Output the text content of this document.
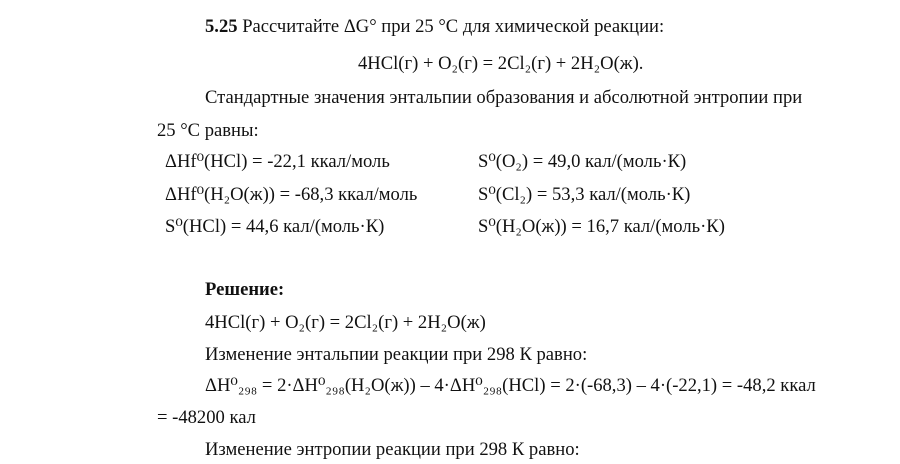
5.25 Рассчитайте ΔG° при 25 °С для химической реакции:
4HCl(г) + O₂(г) = 2Cl₂(г) + 2H₂O(ж).
Стандартные значения энтальпии образования и абсолютной энтропии при
25 °С равны:
ΔHf⁰(HCl) = -22,1 ккал/моль	S⁰(O₂) = 49,0 кал/(моль·К)
ΔHf⁰(H₂O(ж)) = -68,3 ккал/моль	S⁰(Cl₂) = 53,3 кал/(моль·К)
S⁰(HCl) = 44,6 кал/(моль·К)	S⁰(H₂O(ж)) = 16,7 кал/(моль·К)
Решение:
4HCl(г) + O₂(г) = 2Cl₂(г) + 2H₂O(ж)
Изменение энтальпии реакции при 298 К равно:
ΔH⁰₂₉₈ = 2·ΔH⁰₂₉₈(H₂O(ж)) – 4·ΔH⁰₂₉₈(HCl) = 2·(-68,3) – 4·(-22,1) = -48,2 ккал
= -48200 кал
Изменение энтропии реакции при 298 К равно:
